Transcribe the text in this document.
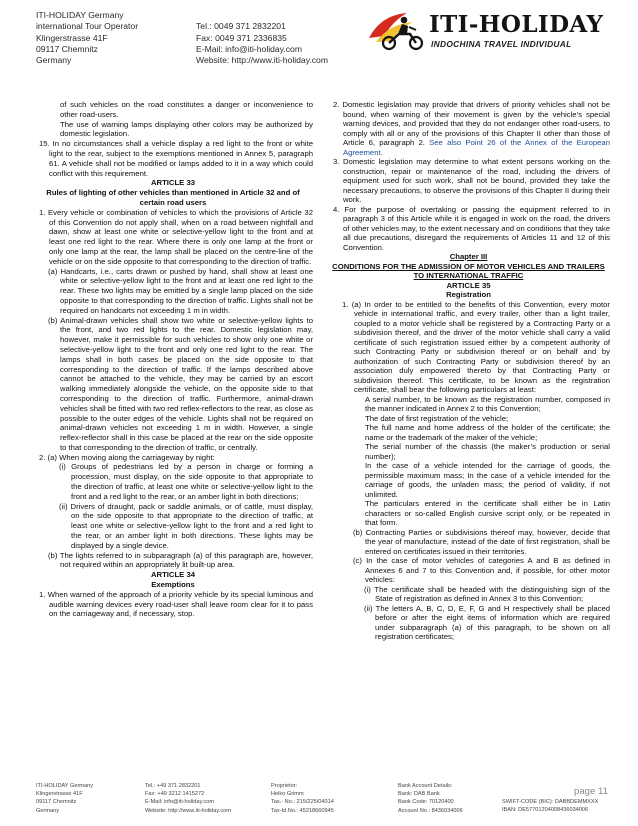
ITI-HOLIDAY Germany
international Tour Operator	Tel.: 0049 371 2832201
Klingerstrasse 41F	Fax: 0049 371 2336835
09117 Chemnitz	E-Mail: info@iti-holiday.com
Germany	Website: http://www.iti-holiday.com
ITI-HOLIDAY
INDOCHINA TRAVEL INDIVIDUAL

of such vehicles on the road constitutes a danger or inconvenience to other road-users.

The use of warning lamps displaying other colors may be authorized by domestic legislation.

15. In no circumstances shall a vehicle display a red light to the front or white light to the rear, subject to the exemptions mentioned in Annex 5, paragraph 61. A vehicle shall not be modified or lamps added to it in a way which could conflict with this requirement.

ARTICLE 33

Rules of lighting of other vehicles than mentioned in Article 32 and of certain road users

1. Every vehicle or combination of vehicles to which the provisions of Article 32 of this Convention do not apply shall, when on a road between nightfall and dawn, show at least one white or selective-yellow light to the front and at least one red light to the rear. Where there is only one lamp at the front or only one lamp at the rear, the lamp shall be placed on the centre-line of the vehicle or on the side opposite to that corresponding to the direction of traffic.

(a) Handcarts, i.e., carts drawn or pushed by hand, shall show at least one white or selective-yellow light to the front and at least one red light to the rear. These two lights may be emitted by a single lamp placed on the side opposite to that corresponding to the direction of traffic. Lights shall not be required on handcarts not exceeding 1 m in width.

(b) Animal-drawn vehicles shall show two white or selective-yellow lights to the front, and two red lights to the rear. Domestic legislation may, however, make it permissible for such vehicles to show only one white or selective-yellow light to the front and only one red light to the rear. The lamps shall in both cases be placed on the side opposite to that corresponding to the direction of traffic. If the lamps described above cannot be attached to the vehicle, they may be carried by an escort walking immediately alongside the vehicle, on the opposite side to that corresponding to the direction of traffic. Furthermore, animal-drawn vehicles shall be fitted with two red reflex-reflectors to the rear, as close as possible to the outer edges of the vehicle. Lights shall not be required on animal-drawn vehicles not exceeding 1 m in width. However, a single reflex-reflector shall in this case be placed at the rear on the side opposite to that corresponding to the direction of traffic, or centrally.

2. (a) When moving along the carriageway by night:

(i) Groups of pedestrians led by a person in charge or forming a procession, must display, on the side opposite to that appropriate to the direction of traffic, at least one white or selective-yellow light to the front and a red light to the rear, or an amber light in both directions;

(ii) Drivers of draught, pack or saddle animals, or of cattle, must display, on the side opposite to that appropriate to the direction of traffic, at least one white or selective-yellow light to the front and a red light to the rear, or an amber light in both directions. These lights may be displayed by a single device.

(b) The lights referred to in subparagraph (a) of this paragraph are, however, not required within an appropriately lit built-up area.

ARTICLE 34

Exemptions

1. When warned of the approach of a priority vehicle by its special luminous and audible warning devices every road-user shall leave room clear for it to pass on the carriageway and, if necessary, stop.

2. Domestic legislation may provide that drivers of priority vehicles shall not be bound, when warning of their movement is given by the vehicle’s special warning devices, and provided that they do not endanger other road-users, to comply with all or any of the provisions of this Chapter II other than those of Article 6, paragraph 2. See also Point 26 of the Annex of the European Agreement.

3. Domestic legislation may determine to what extent persons working on the construction, repair or maintenance of the road, including the drivers of equipment used for such work, shall not be bound, provided they take the necessary precautions, to observe the provisions of this Chapter II during their work.

4. For the purpose of overtaking or passing the equipment referred to in paragraph 3 of this Article while it is engaged in work on the road, the drivers of other vehicles may, to the extent necessary and on conditions that they take all due precautions, disregard the requirements of Articles 11 and 12 of this Convention.

Chapter III

CONDITIONS FOR THE ADMISSION OF MOTOR VEHICLES AND TRAILERS TO INTERNATIONAL TRAFFIC

ARTICLE 35

Registration

1. (a) In order to be entitled to the benefits of this Convention, every motor vehicle in international traffic, and every trailer, other than a light trailer, coupled to a motor vehicle shall be registered by a Contracting Party or a subdivision thereof, and the driver of the motor vehicle shall carry a valid certificate of such registration issued either by a competent authority of such Contracting Party or subdivision thereof or on behalf and by authorization of such Contracting Party or subdivision thereof by an association duly empowered thereto by that Contracting Party or subdivision thereof. This certificate, to be known as the registration certificate, shall bear the following particulars at least:

A serial number, to be known as the registration number, composed in the manner indicated in Annex 2 to this Convention;

The date of first registration of the vehicle;

The full name and home address of the holder of the certificate; the name or the trademark of the maker of the vehicle;

The serial number of the chassis (the maker’s production or serial number);

In the case of a vehicle intended for the carriage of goods, the permissible maximum mass; In the case of a vehicle intended for the carriage of goods, the unladen mass; the period of validity, if not unlimited.

The particulars entered in the certificate shall either be in Latin characters or so-called English cursive script only, or be repeated in that form.

(b) Contracting Parties or subdivisions thereof may, however, decide that the year of manufacture, instead of the date of first registration, shall be entered on certificates issued in their territories.

(c) In the case of motor vehicles of categories A and B as defined in Annexes 6 and 7 to this Convention and, if possible, for other motor vehicles:

(i) The certificate shall be headed with the distinguishing sign of the State of registration as defined in Annex 3 to this Convention;

(ii) The letters A, B, C, D, E, F, G and H respectively shall be placed before or after the eight items of information which are required under subparagraph (a) of this paragraph, to be shown on all registration certificates;

ITI-HOLIDAY Germany
Klingerstrasse 41F
09117 Chemnitz
Germany
Tel.: +49 371 2832201
Fax: +49 3212 1415272
E-Mail: info@iti-holiday.com
Website: http://www.iti-holiday.com
Proprietor:
Heiko Grimm
Tax.- No.: 215/225/04014
Tax-Id.No.: 45218660945
Bank Account Details:
Bank: DAB Bank
Bank Code: 70120400
Account No.: 8436034006
SWIFT-CODE (BIC): DABBDEMMXXX
IBAN: DE57701204008436034006
page 11
